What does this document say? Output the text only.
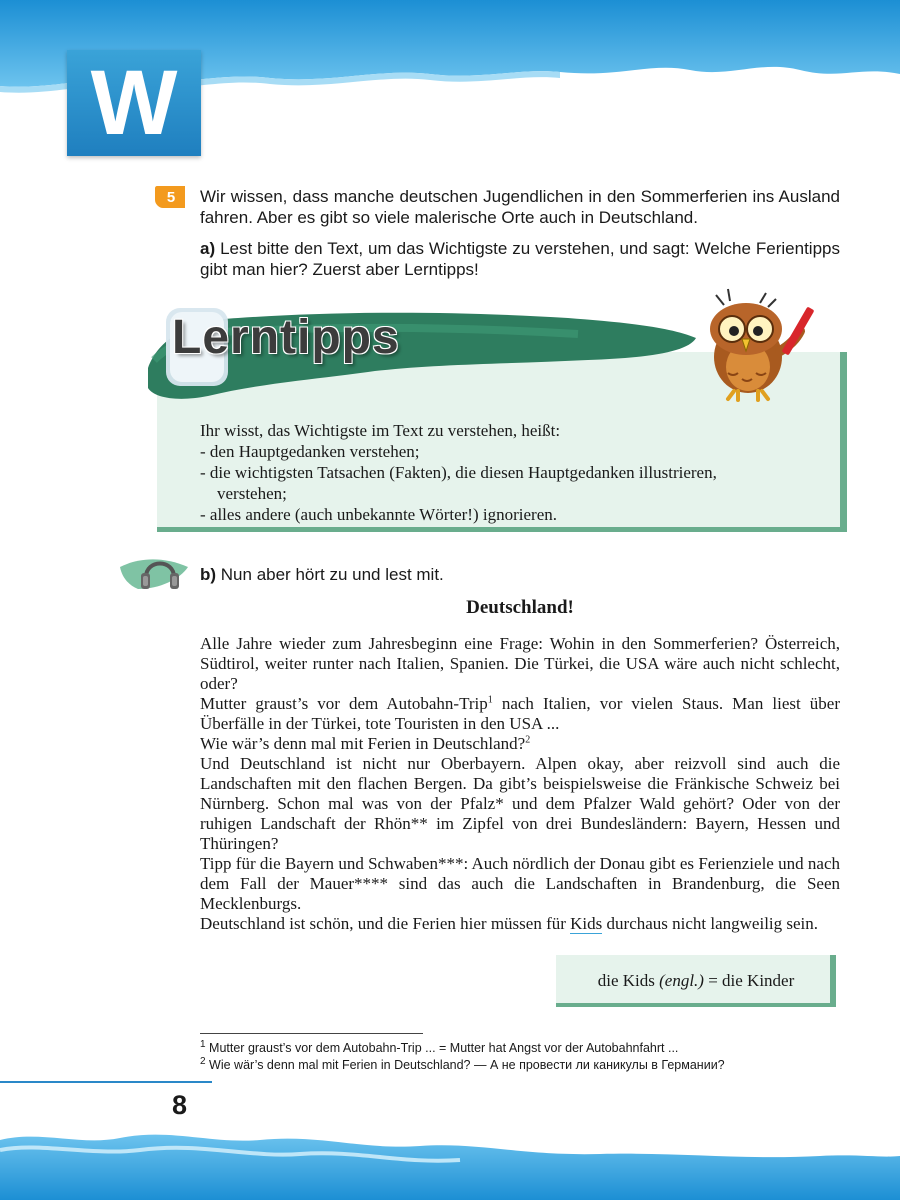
W
5 Wir wissen, dass manche deutschen Jugendlichen in den Sommerferien ins Ausland fahren. Aber es gibt so viele malerische Orte auch in Deutschland.
a) Lest bitte den Text, um das Wichtigste zu verstehen, und sagt: Welche Ferientipps gibt man hier? Zuerst aber Lerntipps!
Lerntipps
Ihr wisst, das Wichtigste im Text zu verstehen, heißt:
- den Hauptgedanken verstehen;
- die wichtigsten Tatsachen (Fakten), die diesen Hauptgedanken illustrieren,
verstehen;
- alles andere (auch unbekannte Wörter!) ignorieren.
b) Nun aber hört zu und lest mit.
Deutschland!

Alle Jahre wieder zum Jahresbeginn eine Frage: Wohin in den Sommerferien? Österreich, Südtirol, weiter runter nach Italien, Spanien. Die Türkei, die USA wäre auch nicht schlecht, oder?

Mutter graust’s vor dem Autobahn-Trip$^1$ nach Italien, vor vielen Staus. Man liest über Überfälle in der Türkei, tote Touristen in den USA ...

Wie wär’s denn mal mit Ferien in Deutschland?$^2$

Und Deutschland ist nicht nur Oberbayern. Alpen okay, aber reizvoll sind auch die Landschaften mit den flachen Bergen. Da gibt’s beispielsweise die Fränkische Schweiz bei Nürnberg. Schon mal was von der Pfalz* und dem Pfalzer Wald gehört? Oder von der ruhigen Landschaft der Rhön** im Zipfel von drei Bundesländern: Bayern, Hessen und Thüringen?

Tipp für die Bayern und Schwaben***: Auch nördlich der Donau gibt es Ferienziele und nach dem Fall der Mauer**** sind das auch die Landschaften in Brandenburg, die Seen Mecklenburgs.

Deutschland ist schön, und die Ferien hier müssen für Kids durchaus nicht langweilig sein.

die Kids
(engl.)
= die Kinder
$^1$ Mutter graust’s vor dem Autobahn-Trip ... = Mutter hat Angst vor der Autobahnfahrt ...
$^2$ Wie wär’s denn mal mit Ferien in Deutschland? — А не провести ли каникулы в Германии?
8
